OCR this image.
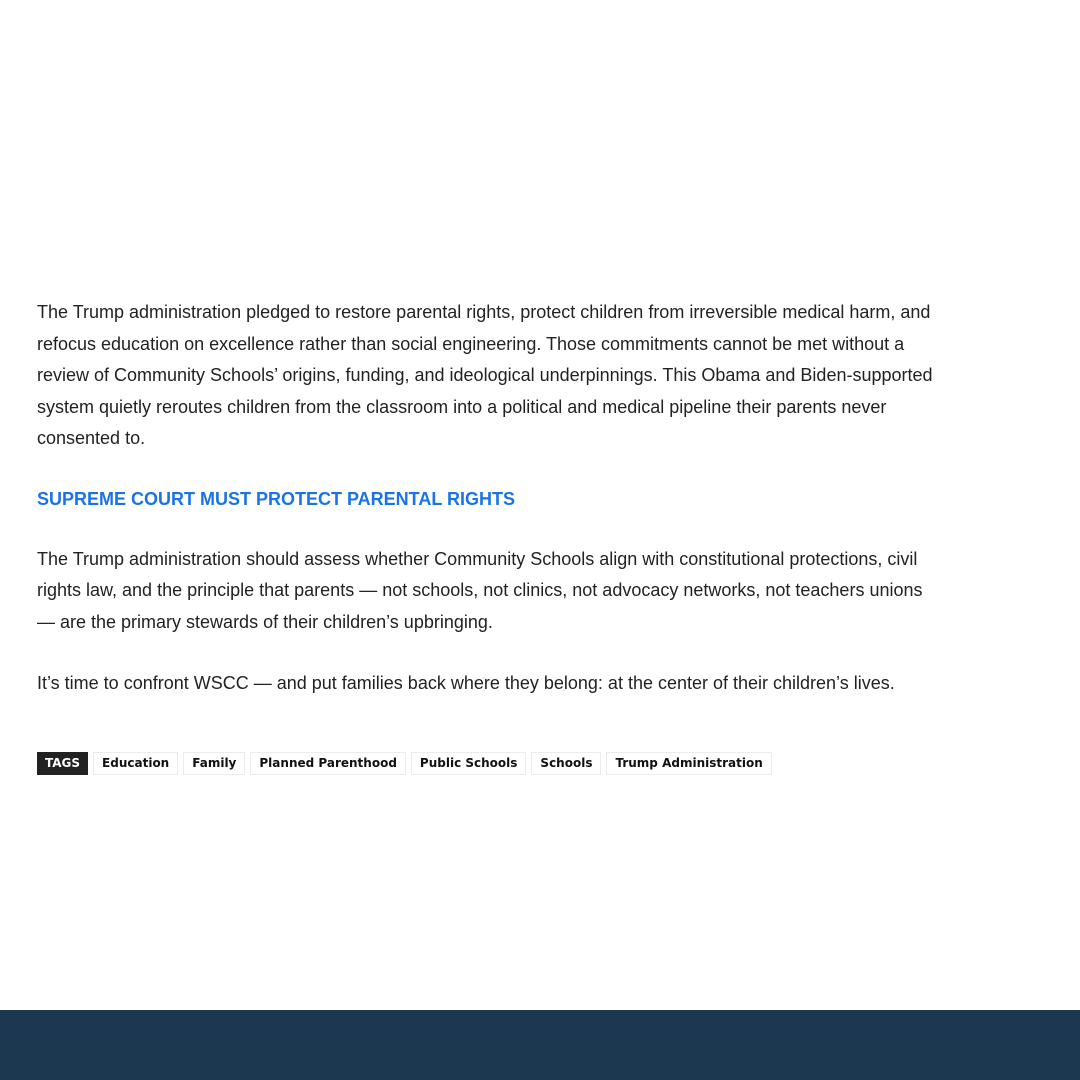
The Trump administration pledged to restore parental rights, protect children from irreversible medical harm, and refocus education on excellence rather than social engineering. Those commitments cannot be met without a review of Community Schools’ origins, funding, and ideological underpinnings. This Obama and Biden-supported system quietly reroutes children from the classroom into a political and medical pipeline their parents never consented to.

SUPREME COURT MUST PROTECT PARENTAL RIGHTS

The Trump administration should assess whether Community Schools align with constitutional protections, civil rights law, and the principle that parents — not schools, not clinics, not advocacy networks, not teachers unions — are the primary stewards of their children’s upbringing.

It’s time to confront WSCC — and put families back where they belong: at the center of their children’s lives.

TAGS	Education	Family	Planned Parenthood	Public Schools	Schools	Trump Administration
